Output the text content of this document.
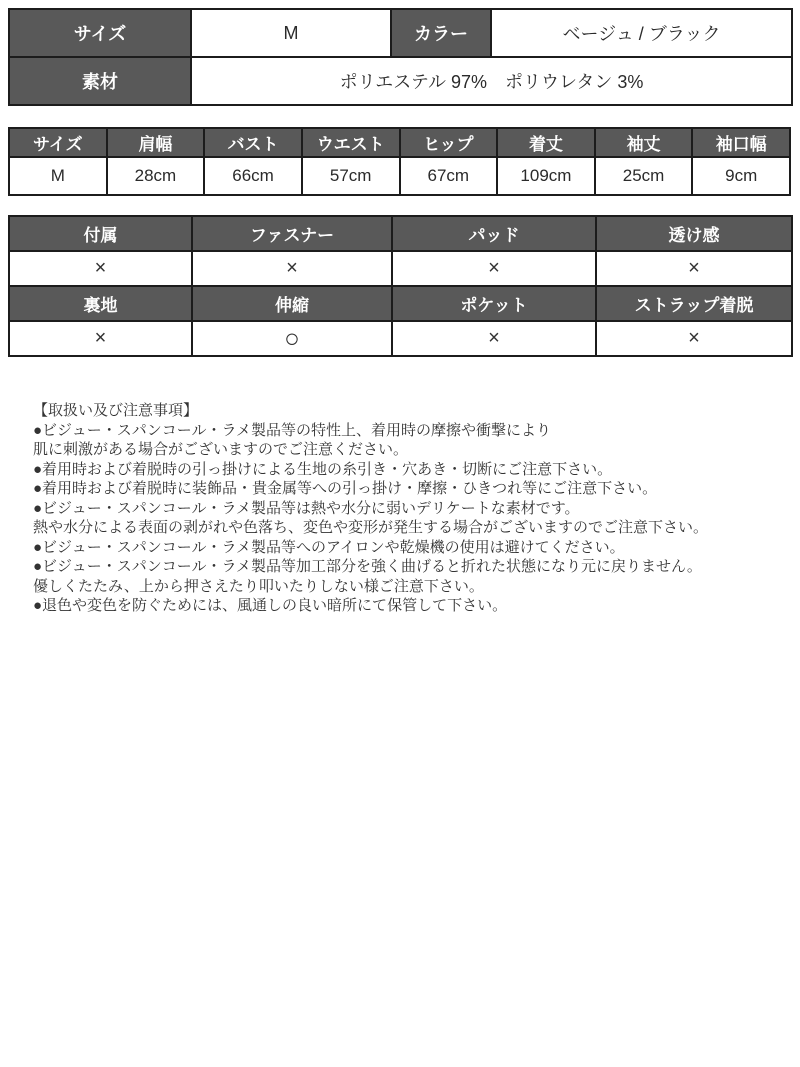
サイズ	M	カラー	ベージュ / ブラック
素材	ポリエステル 97%　ポリウレタン 3%		
サイズ	肩幅	バスト	ウエスト	ヒップ	着丈	袖丈	袖口幅
M	28cm	66cm	57cm	67cm	109cm	25cm	9cm
付属	ファスナー	パッド	透け感
×	×	×	×
裏地	伸縮	ポケット	ストラップ着脱
×	○	×	×
【取扱い及び注意事項】
●ビジュー・スパンコール・ラメ製品等の特性上、着用時の摩擦や衝撃により
肌に刺激がある場合がございますのでご注意ください。
●着用時および着脱時の引っ掛けによる生地の糸引き・穴あき・切断にご注意下さい。
●着用時および着脱時に装飾品・貴金属等への引っ掛け・摩擦・ひきつれ等にご注意下さい。
●ビジュー・スパンコール・ラメ製品等は熱や水分に弱いデリケートな素材です。
熱や水分による表面の剥がれや色落ち、変色や変形が発生する場合がございますのでご注意下さい。
●ビジュー・スパンコール・ラメ製品等へのアイロンや乾燥機の使用は避けてください。
●ビジュー・スパンコール・ラメ製品等加工部分を強く曲げると折れた状態になり元に戻りません。
優しくたたみ、上から押さえたり叩いたりしない様ご注意下さい。
●退色や変色を防ぐためには、風通しの良い暗所にて保管して下さい。
